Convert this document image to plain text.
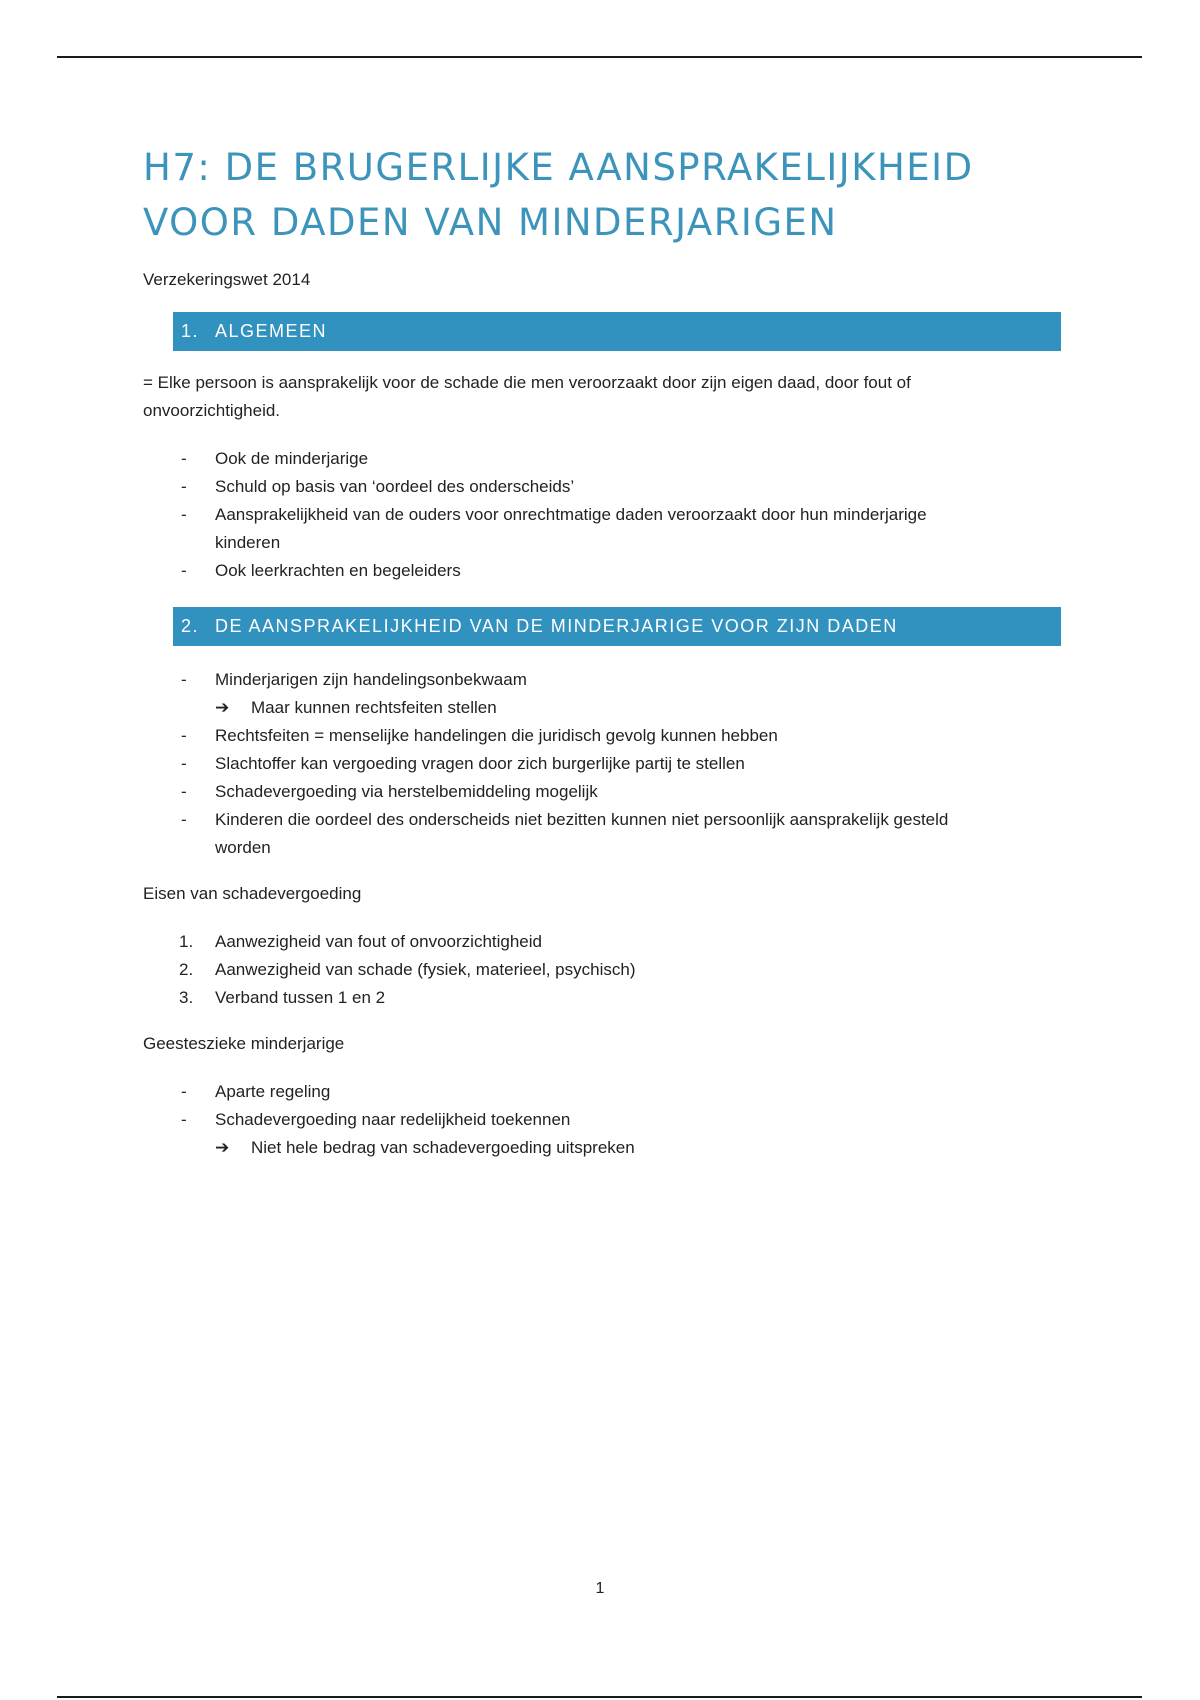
H7: DE BRUGERLIJKE AANSPRAKELIJKHEID
VOOR DADEN VAN MINDERJARIGEN

Verzekeringswet 2014

1. ALGEMEEN

= Elke persoon is aansprakelijk voor de schade die men veroorzaakt door zijn eigen daad, door fout of
onvoorzichtigheid.

- Ook de minderjarige
- Schuld op basis van ‘oordeel des onderscheids’
- Aansprakelijkheid van de ouders voor onrechtmatige daden veroorzaakt door hun minderjarige
kinderen
- Ook leerkrachten en begeleiders
2. DE AANSPRAKELIJKHEID VAN DE MINDERJARIGE VOOR ZIJN DADEN
- Minderjarigen zijn handelingsonbekwaam
➔ Maar kunnen rechtsfeiten stellen
- Rechtsfeiten = menselijke handelingen die juridisch gevolg kunnen hebben
- Slachtoffer kan vergoeding vragen door zich burgerlijke partij te stellen
- Schadevergoeding via herstelbemiddeling mogelijk
- Kinderen die oordeel des onderscheids niet bezitten kunnen niet persoonlijk aansprakelijk gesteld
worden

Eisen van schadevergoeding

1. Aanwezigheid van fout of onvoorzichtigheid
2. Aanwezigheid van schade (fysiek, materieel, psychisch)
3. Verband tussen 1 en 2

Geesteszieke minderjarige

- Aparte regeling
- Schadevergoeding naar redelijkheid toekennen
➔ Niet hele bedrag van schadevergoeding uitspreken
1
